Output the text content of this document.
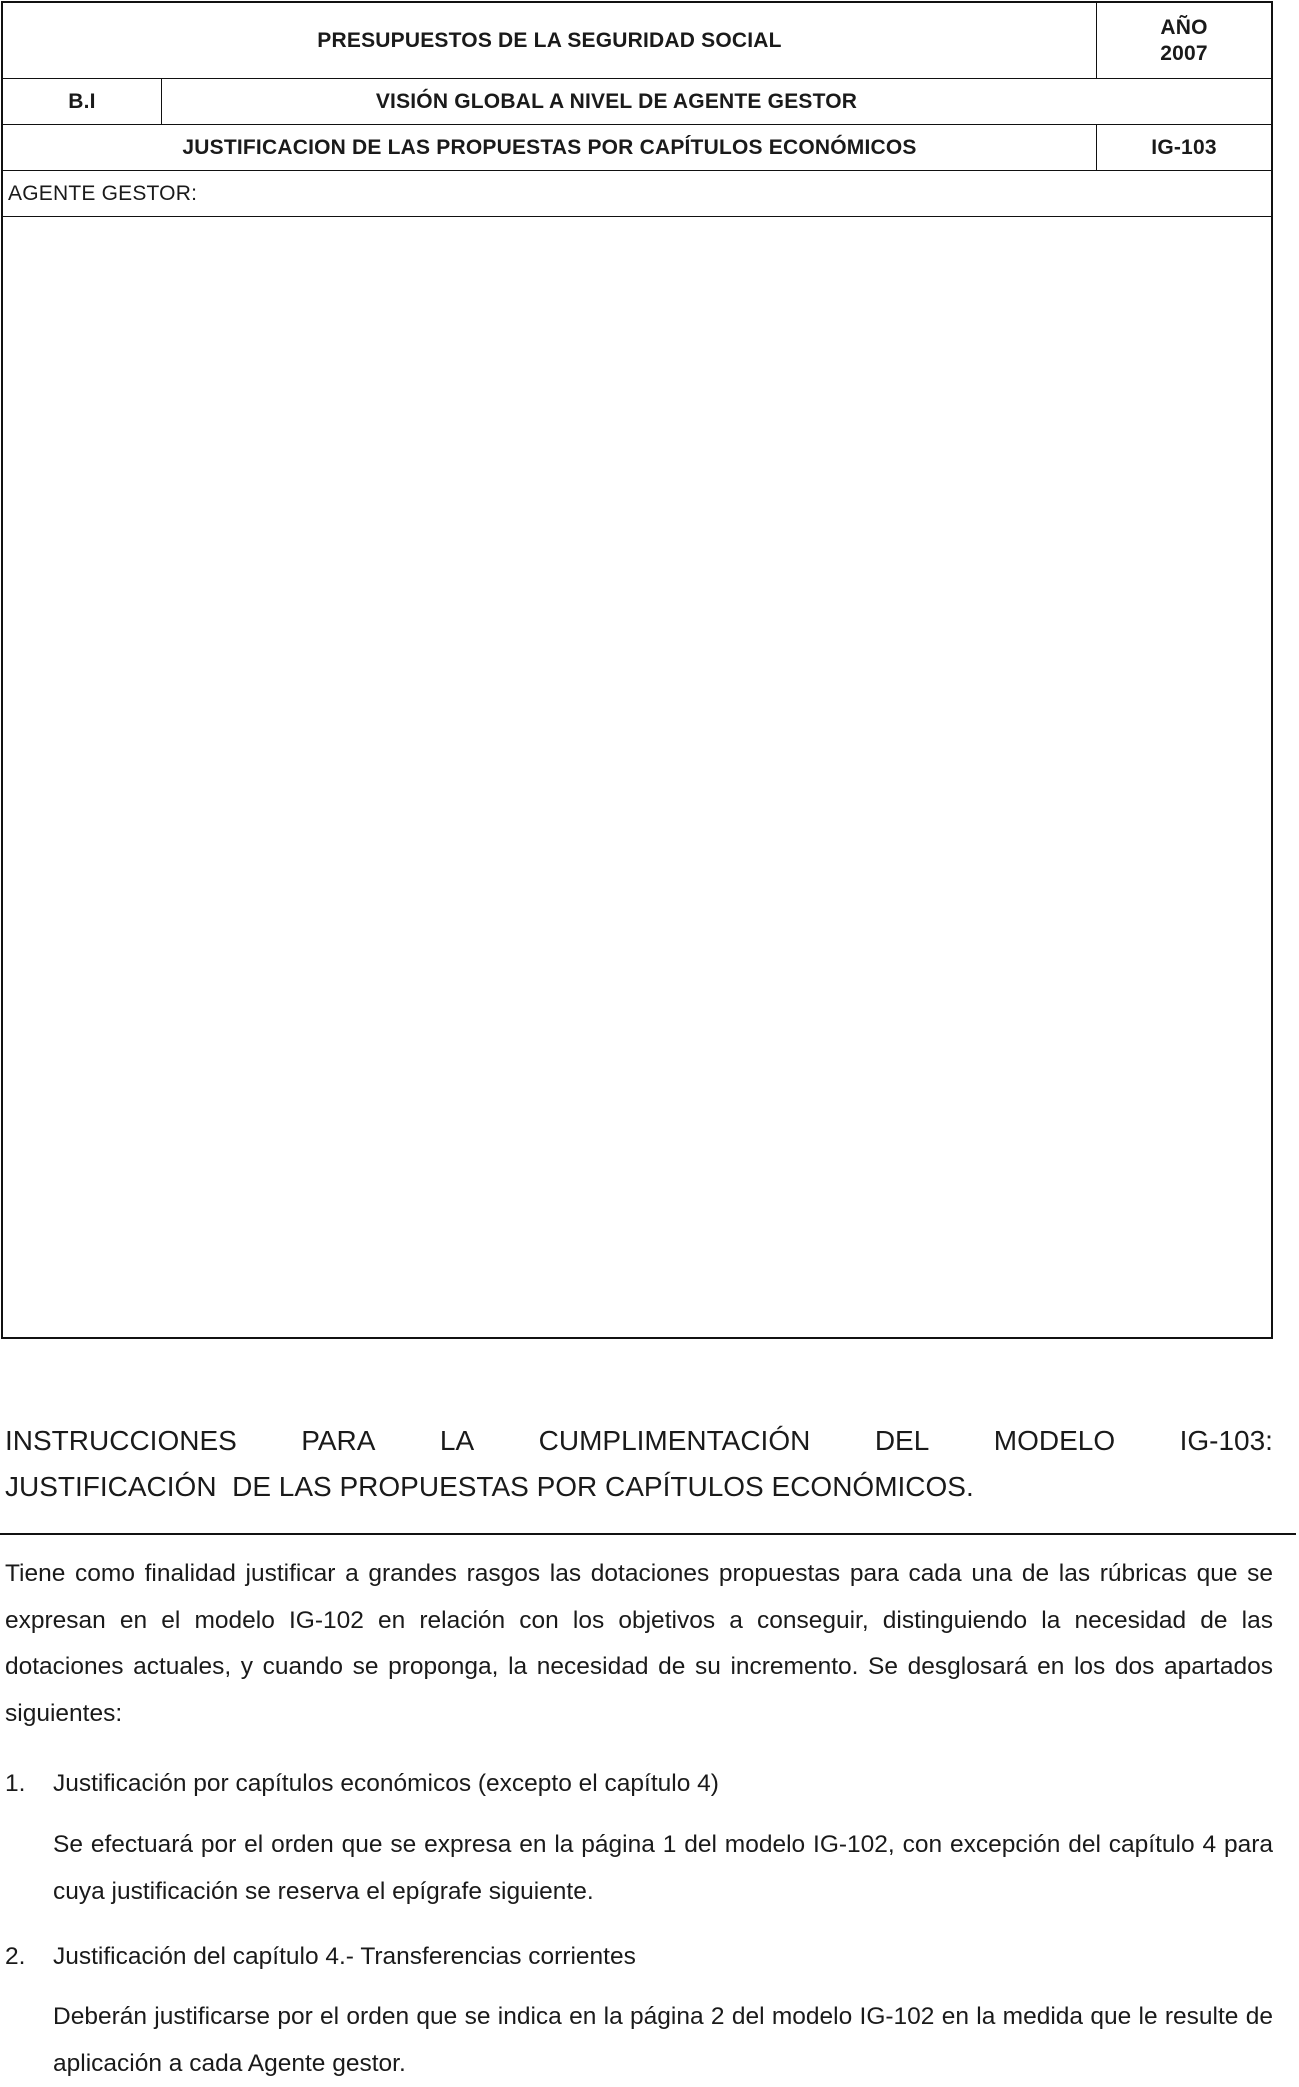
PRESUPUESTOS DE LA SEGURIDAD SOCIAL
AÑO
2007
B.I	VISIÓN GLOBAL A NIVEL DE AGENTE GESTOR
JUSTIFICACION DE LAS PROPUESTAS POR CAPÍTULOS ECONÓMICOS	IG-103
AGENTE GESTOR:
INSTRUCCIONES PARA LA CUMPLIMENTACIÓN DEL MODELO IG-103:
JUSTIFICACIÓN  DE LAS PROPUESTAS POR CAPÍTULOS ECONÓMICOS.
Tiene como finalidad justificar a grandes rasgos las dotaciones propuestas para cada una de las rúbricas que se expresan en el modelo IG-102 en relación con los objetivos a conseguir, distinguiendo la necesidad de las dotaciones actuales, y cuando se proponga, la necesidad de su incremento. Se desglosará en los dos apartados siguientes:
1. Justificación por capítulos económicos (excepto el capítulo 4)
Se efectuará por el orden que se expresa en la página 1 del modelo IG-102, con excepción del capítulo 4 para cuya justificación se reserva el epígrafe siguiente.
2. Justificación del capítulo 4.- Transferencias corrientes
Deberán justificarse por el orden que se indica en la página 2 del modelo IG-102 en la medida que le resulte de aplicación a cada Agente gestor.
